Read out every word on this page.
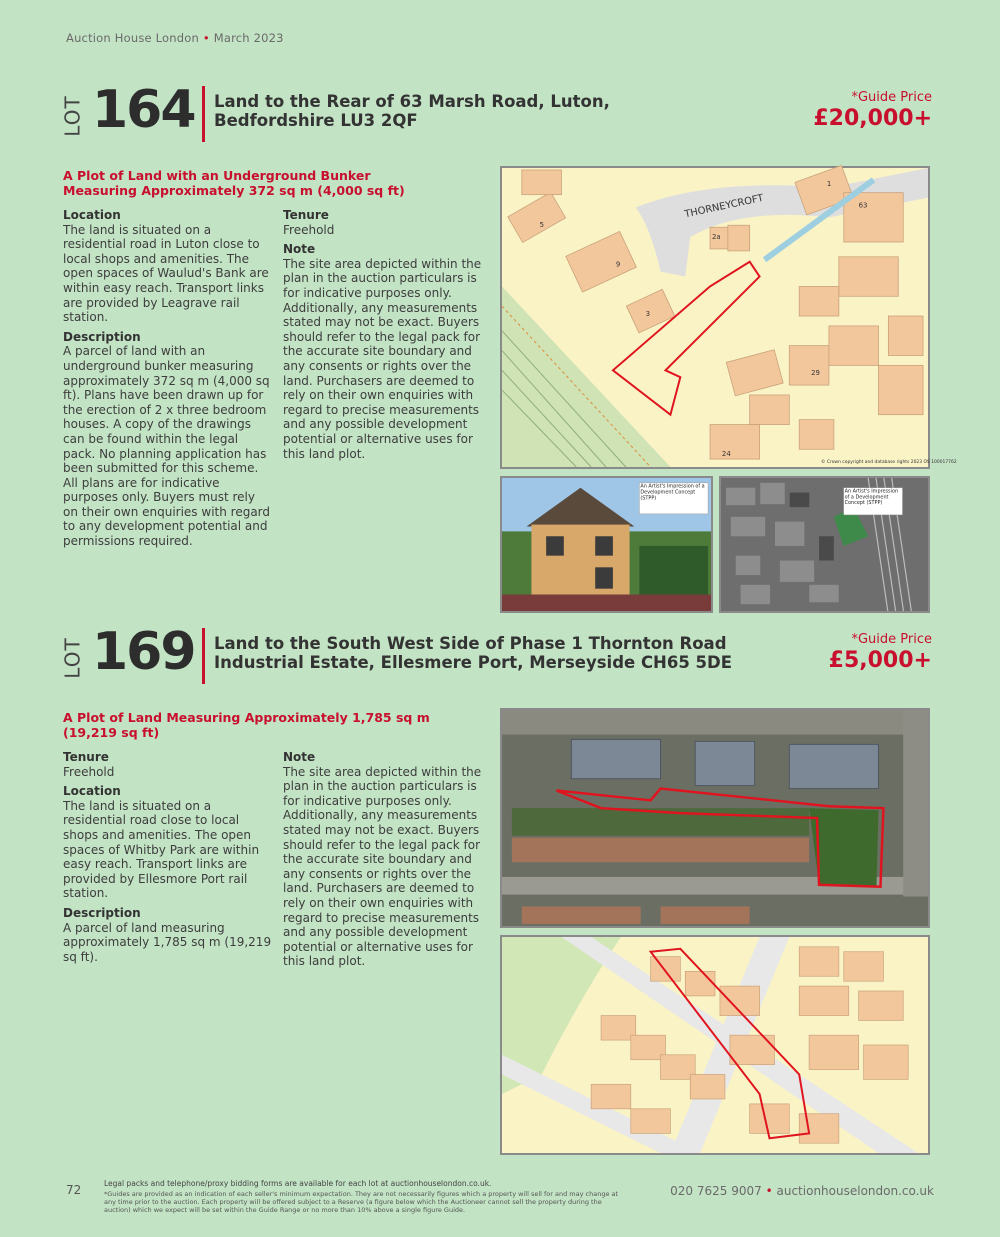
Auction House London • March 2023
LOT 164 Land to the Rear of 63 Marsh Road, Luton,
Bedfordshire LU3 2QF
*Guide Price
£20,000+
A Plot of Land with an Underground Bunker Measuring Approximately 372 sq m (4,000 sq ft)
Location

The land is situated on a residential road in Luton close to local shops and amenities. The open spaces of Waulud's Bank are within easy reach. Transport links are provided by Leagrave rail station.

Description

A parcel of land with an underground bunker measuring approximately 372 sq m (4,000 sq ft). Plans have been drawn up for the erection of 2 x three bedroom houses. A copy of the drawings can be found within the legal pack. No planning application has been submitted for this scheme. All plans are for indicative purposes only. Buyers must rely on their own enquiries with regard to any development potential and permissions required.

Tenure

Freehold

Note

The site area depicted within the plan in the auction particulars is for indicative purposes only. Additionally, any measurements stated may not be exact. Buyers should refer to the legal pack for the accurate site boundary and any consents or rights over the land. Purchasers are deemed to rely on their own enquiries with regard to precise measurements and any possible development potential or alternative uses for this land plot.

THORNEYCROFT
1
3
5
9
2a
63
29
24
© Crown copyright and database rights 2023 OS 100017762
An Artist's Impression of a Development Concept (STPP)
An Artist's Impression of a Development Concept (STPP)
LOT 169 Land to the South West Side of Phase 1 Thornton Road
Industrial Estate, Ellesmere Port, Merseyside CH65 5DE
*Guide Price
£5,000+
A Plot of Land Measuring Approximately 1,785 sq m (19,219 sq ft)
Tenure

Freehold

Location

The land is situated on a residential road close to local shops and amenities. The open spaces of Whitby Park are within easy reach. Transport links are provided by Ellesmore Port rail station.

Description

A parcel of land measuring approximately 1,785 sq m (19,219 sq ft).

Note

The site area depicted within the plan in the auction particulars is for indicative purposes only. Additionally, any measurements stated may not be exact. Buyers should refer to the legal pack for the accurate site boundary and any consents or rights over the land. Purchasers are deemed to rely on their own enquiries with regard to precise measurements and any possible development potential or alternative uses for this land plot.

72	Legal packs and telephone/proxy bidding forms are available for each lot at auctionhouselondon.co.uk.
*Guides are provided as an indication of each seller's minimum expectation. They are not necessarily figures which a property will sell for and may change at any time prior to the auction. Each property will be offered subject to a Reserve (a figure below which the Auctioneer cannot sell the property during the auction) which we expect will be set within the Guide Range or no more than 10% above a single figure Guide.
020 7625 9007 • auctionhouselondon.co.uk
